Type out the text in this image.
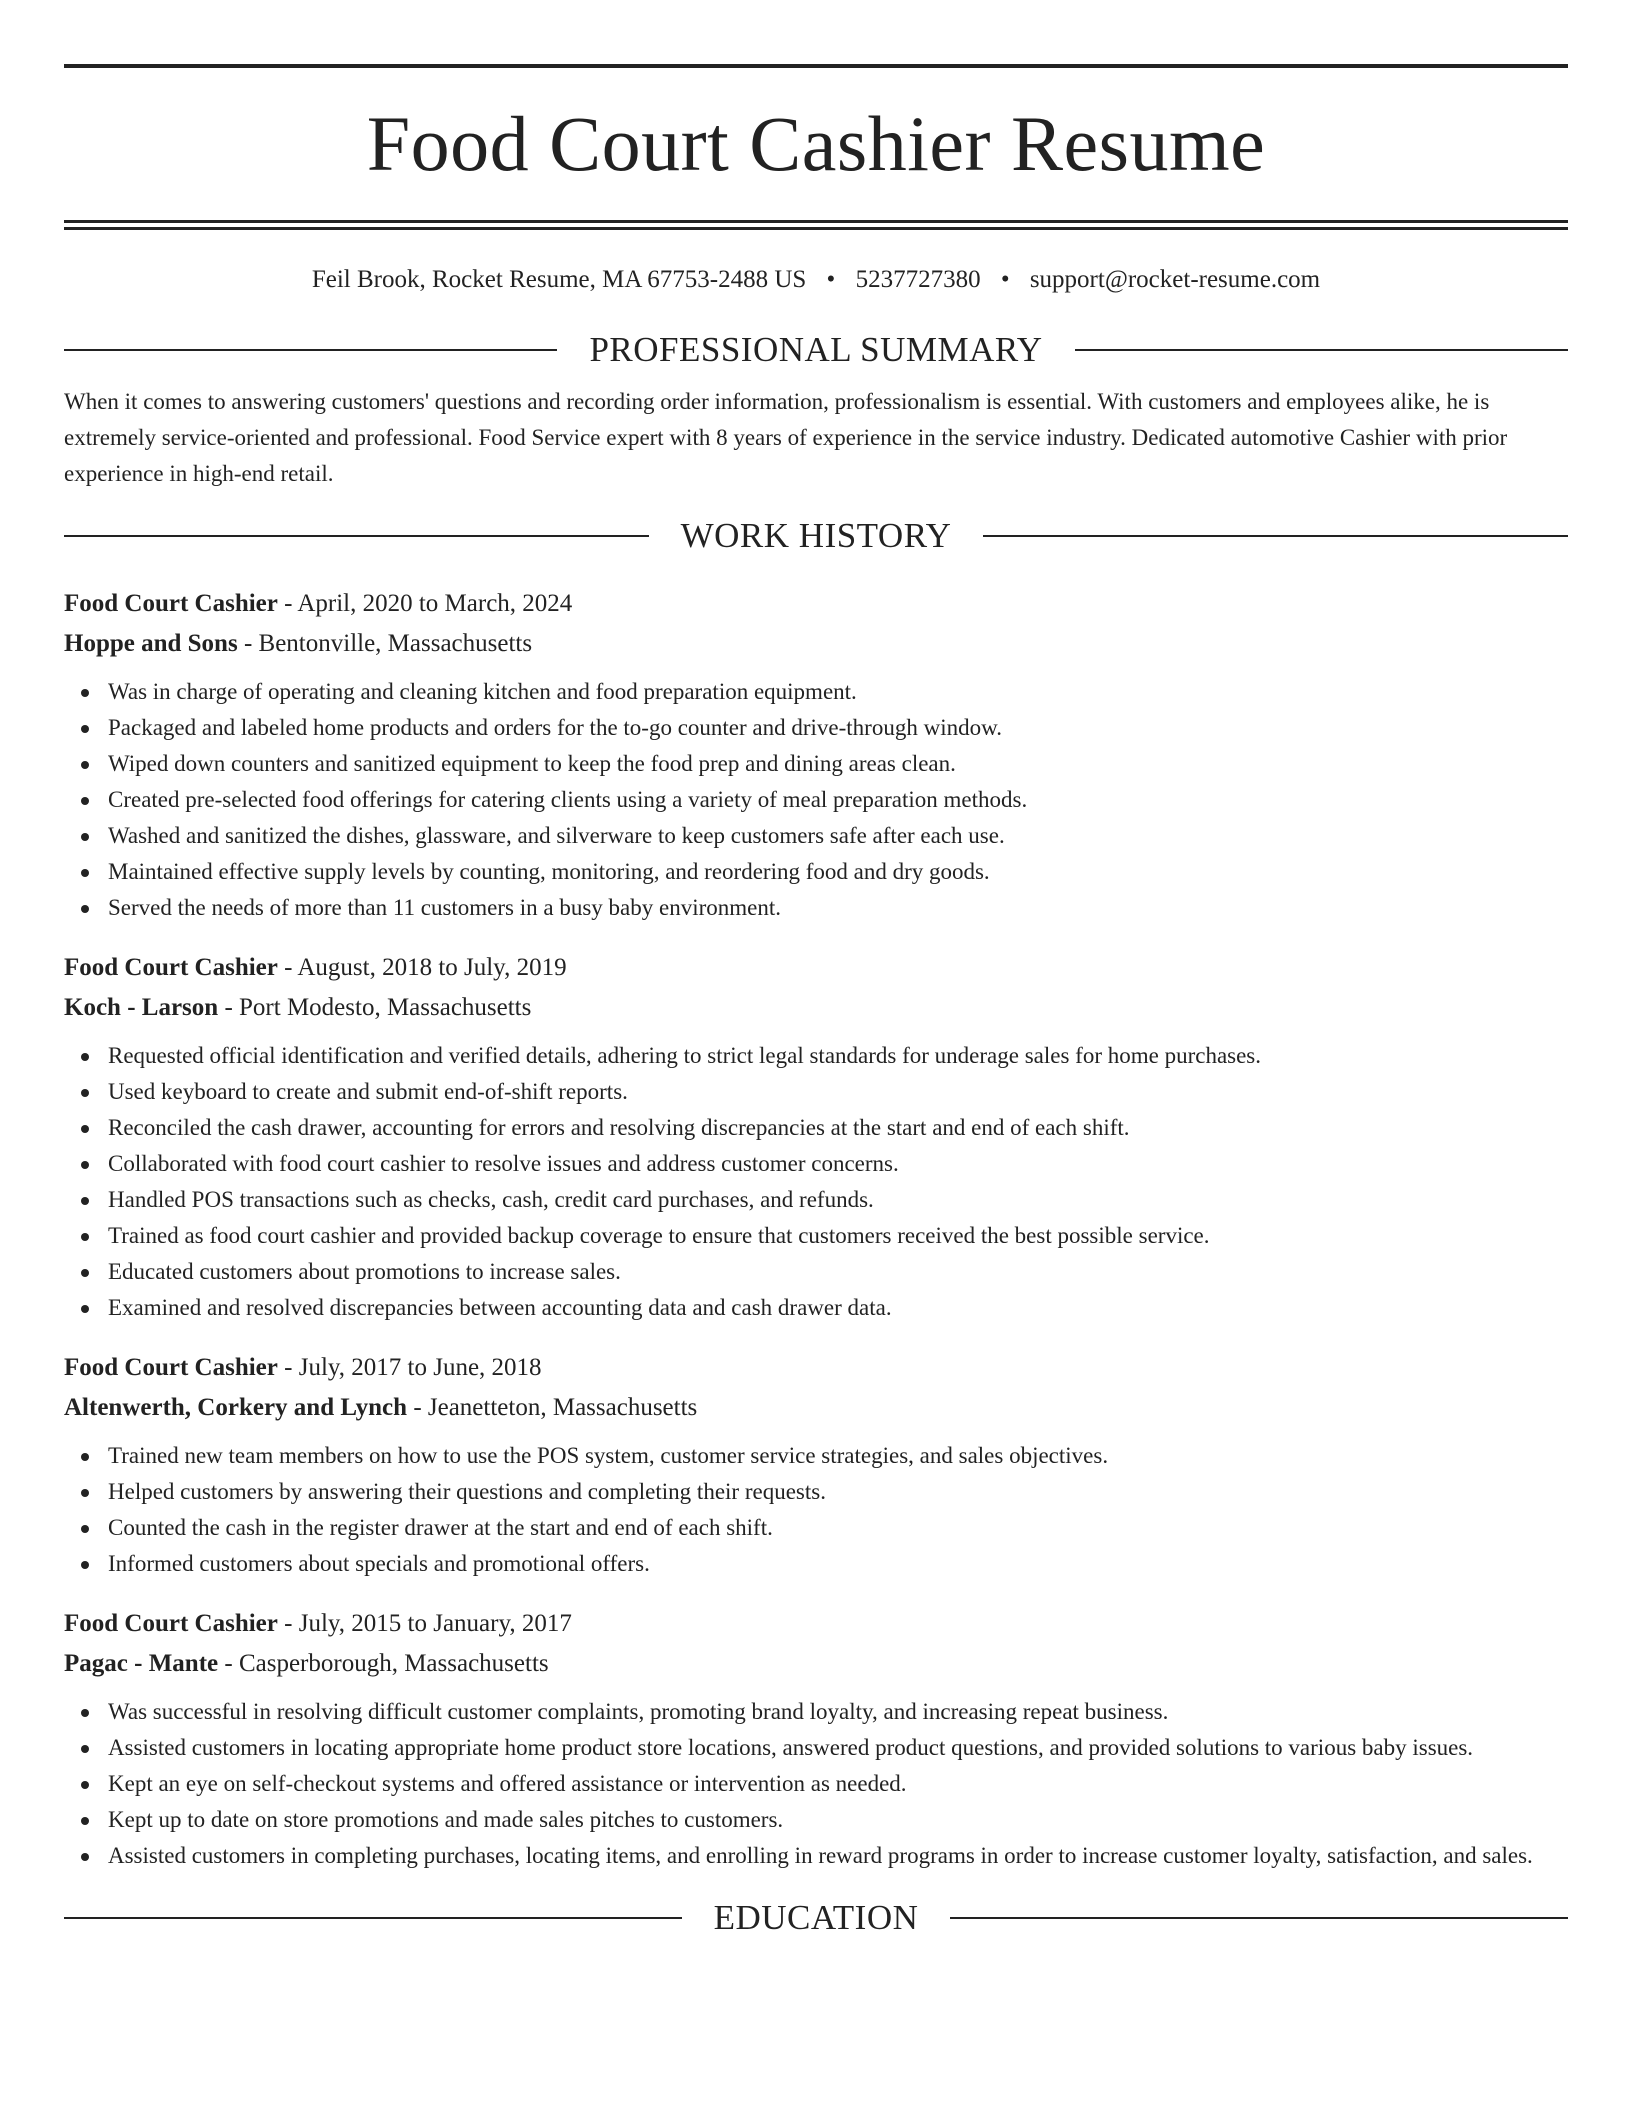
Food Court Cashier Resume
Feil Brook, Rocket Resume, MA 67753-2488 US • 5237727380 • support@rocket-resume.com
PROFESSIONAL SUMMARY
When it comes to answering customers' questions and recording order information, professionalism is essential. With customers and employees alike, he is extremely service-oriented and professional. Food Service expert with 8 years of experience in the service industry. Dedicated automotive Cashier with prior experience in high-end retail.
WORK HISTORY
Food Court Cashier - April, 2020 to March, 2024
Hoppe and Sons - Bentonville, Massachusetts
Was in charge of operating and cleaning kitchen and food preparation equipment.
Packaged and labeled home products and orders for the to-go counter and drive-through window.
Wiped down counters and sanitized equipment to keep the food prep and dining areas clean.
Created pre-selected food offerings for catering clients using a variety of meal preparation methods.
Washed and sanitized the dishes, glassware, and silverware to keep customers safe after each use.
Maintained effective supply levels by counting, monitoring, and reordering food and dry goods.
Served the needs of more than 11 customers in a busy baby environment.
Food Court Cashier - August, 2018 to July, 2019
Koch - Larson - Port Modesto, Massachusetts
Requested official identification and verified details, adhering to strict legal standards for underage sales for home purchases.
Used keyboard to create and submit end-of-shift reports.
Reconciled the cash drawer, accounting for errors and resolving discrepancies at the start and end of each shift.
Collaborated with food court cashier to resolve issues and address customer concerns.
Handled POS transactions such as checks, cash, credit card purchases, and refunds.
Trained as food court cashier and provided backup coverage to ensure that customers received the best possible service.
Educated customers about promotions to increase sales.
Examined and resolved discrepancies between accounting data and cash drawer data.
Food Court Cashier - July, 2017 to June, 2018
Altenwerth, Corkery and Lynch - Jeanetteton, Massachusetts
Trained new team members on how to use the POS system, customer service strategies, and sales objectives.
Helped customers by answering their questions and completing their requests.
Counted the cash in the register drawer at the start and end of each shift.
Informed customers about specials and promotional offers.
Food Court Cashier - July, 2015 to January, 2017
Pagac - Mante - Casperborough, Massachusetts
Was successful in resolving difficult customer complaints, promoting brand loyalty, and increasing repeat business.
Assisted customers in locating appropriate home product store locations, answered product questions, and provided solutions to various baby issues.
Kept an eye on self-checkout systems and offered assistance or intervention as needed.
Kept up to date on store promotions and made sales pitches to customers.
Assisted customers in completing purchases, locating items, and enrolling in reward programs in order to increase customer loyalty, satisfaction, and sales.
EDUCATION
